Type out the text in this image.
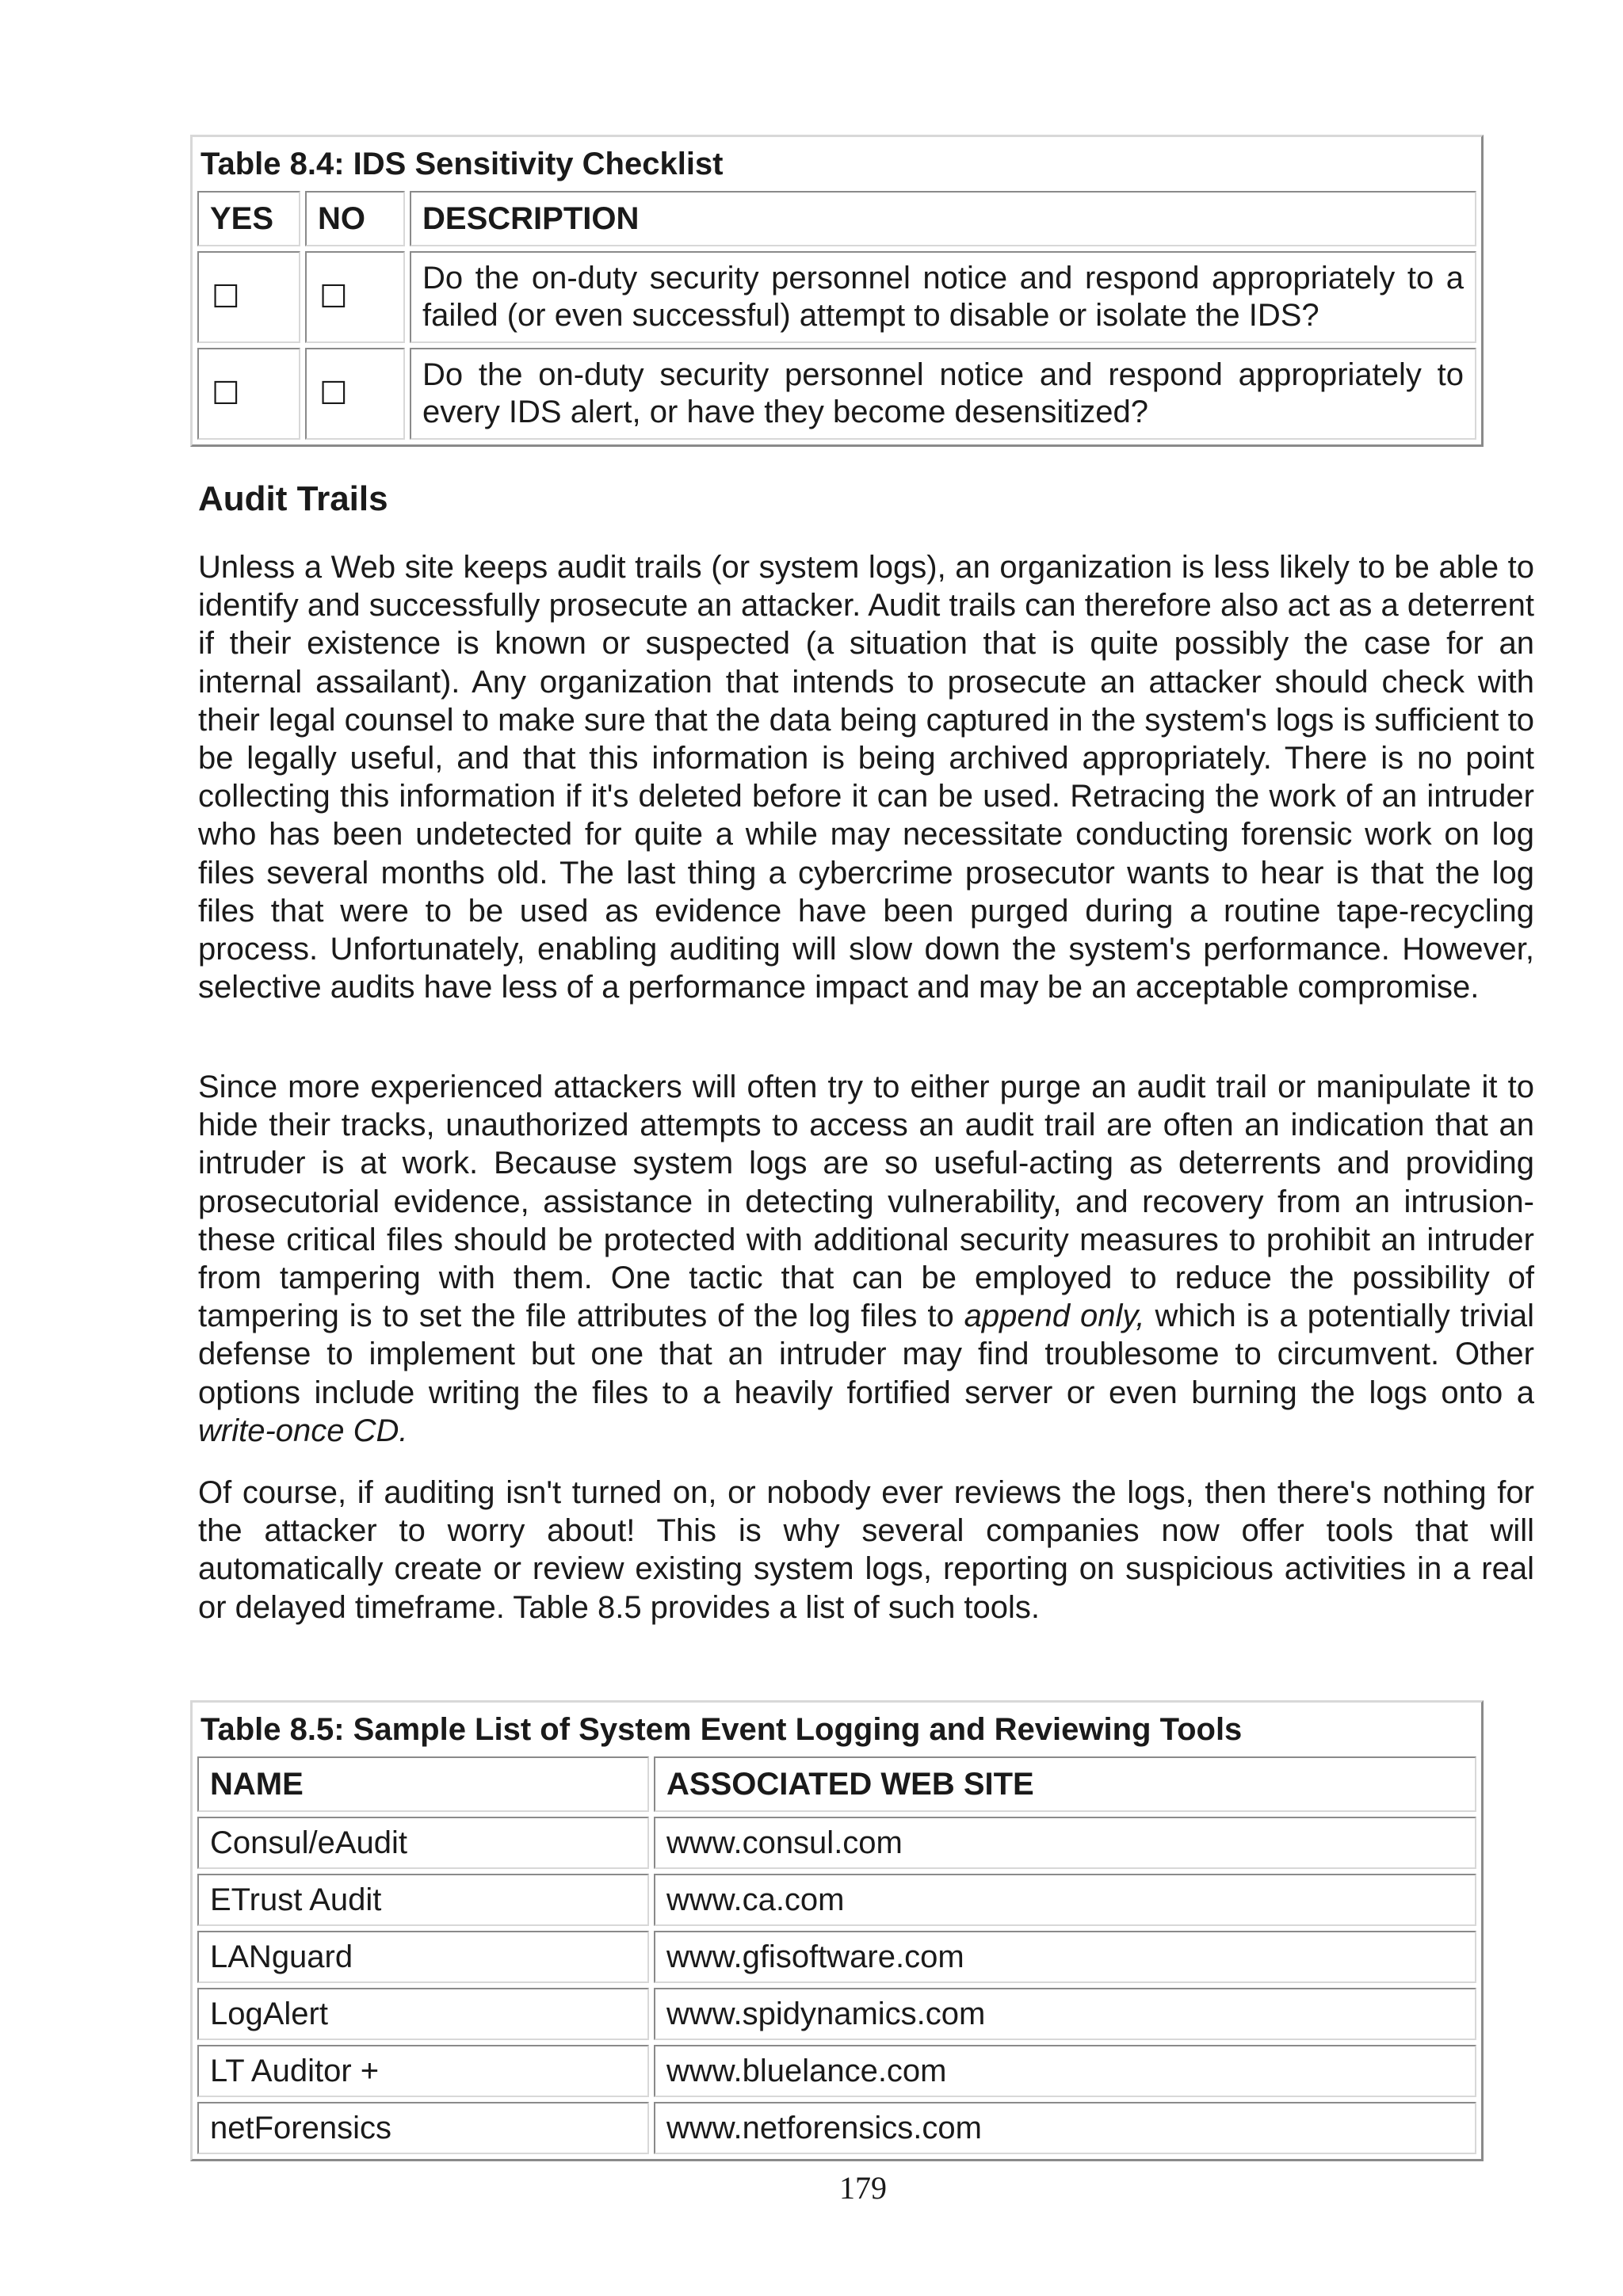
Table 8.4: IDS Sensitivity Checklist		
YES	NO	DESCRIPTION
☐	☐	Do the on-duty security personnel notice and respond appropriately to a failed (or even successful) attempt to disable or isolate the IDS?
☐	☐	Do the on-duty security personnel notice and respond appropriately to every IDS alert, or have they become desensitized?
Audit Trails

Unless a Web site keeps audit trails (or system logs), an organization is less likely to be able to identify and successfully prosecute an attacker. Audit trails can therefore also act as a deterrent if their existence is known or suspected (a situation that is quite possibly the case for an internal assailant). Any organization that intends to prosecute an attacker should check with their legal counsel to make sure that the data being captured in the system's logs is sufficient to be legally useful, and that this information is being archived appropriately. There is no point collecting this information if it's deleted before it can be used. Retracing the work of an intruder who has been undetected for quite a while may necessitate conducting forensic work on log files several months old. The last thing a cybercrime prosecutor wants to hear is that the log files that were to be used as evidence have been purged during a routine tape-recycling process. Unfortunately, enabling auditing will slow down the system's performance. However, selective audits have less of a performance impact and may be an acceptable compromise.

Since more experienced attackers will often try to either purge an audit trail or manipulate it to hide their tracks, unauthorized attempts to access an audit trail are often an indication that an intruder is at work. Because system logs are so useful-acting as deterrents and providing prosecutorial evidence, assistance in detecting vulnerability, and recovery from an intrusion-these critical files should be protected with additional security measures to prohibit an intruder from tampering with them. One tactic that can be employed to reduce the possibility of tampering is to set the file attributes of the log files to append only, which is a potentially trivial defense to implement but one that an intruder may find troublesome to circumvent. Other options include writing the files to a heavily fortified server or even burning the logs onto a write-once CD.

Of course, if auditing isn't turned on, or nobody ever reviews the logs, then there's nothing for the attacker to worry about! This is why several companies now offer tools that will automatically create or review existing system logs, reporting on suspicious activities in a real or delayed timeframe. Table 8.5 provides a list of such tools.

Table 8.5: Sample List of System Event Logging and Reviewing Tools	
NAME	ASSOCIATED WEB SITE
Consul/eAudit	www.consul.com
ETrust Audit	www.ca.com
LANguard	www.gfisoftware.com
LogAlert	www.spidynamics.com
LT Auditor +	www.bluelance.com
netForensics	www.netforensics.com
179
